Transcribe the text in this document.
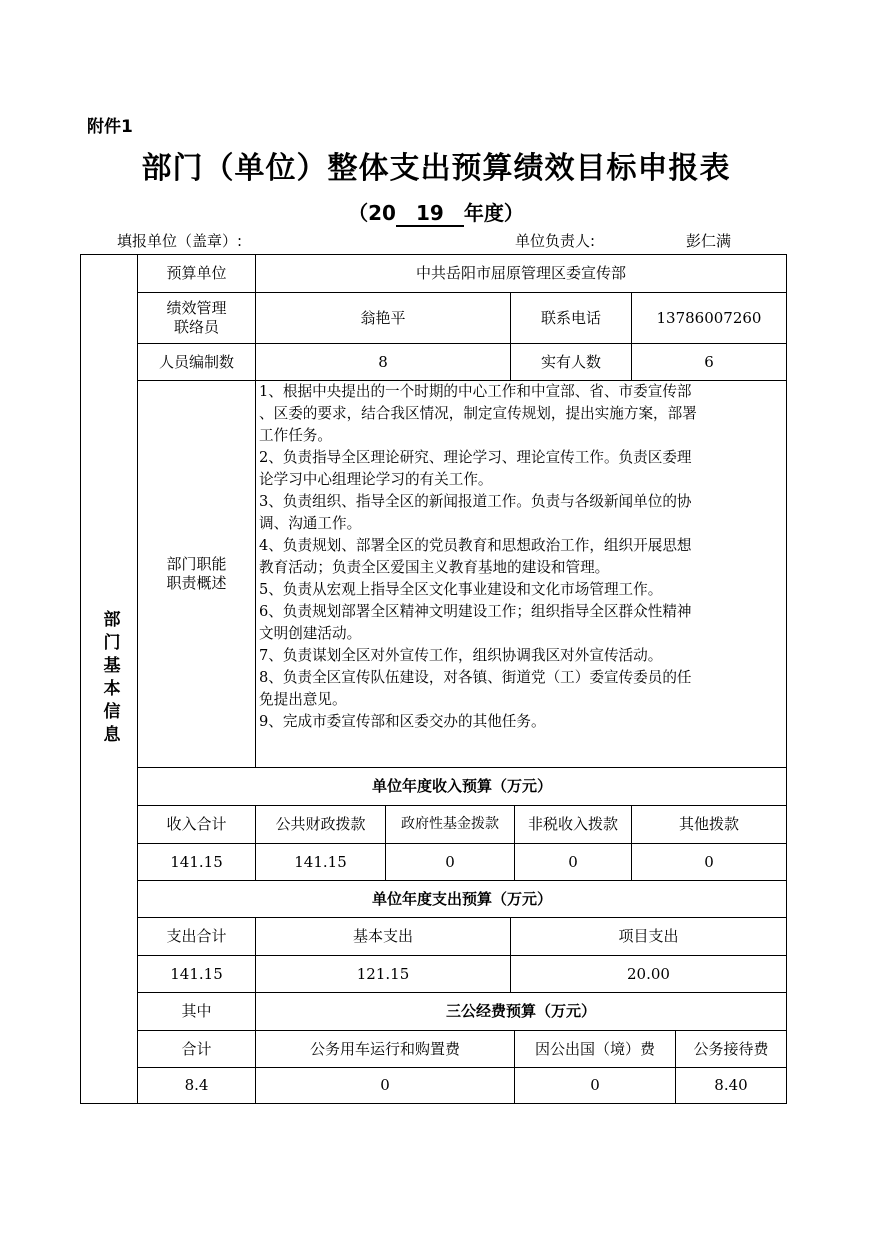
附件1
部门（单位）整体支出预算绩效目标申报表
（20 19 年度）
填报单位（盖章）:	单位负责人:	彭仁满
部门基本信息
预算单位	中共岳阳市屈原管理区委宣传部
绩效管理
联络员
翁艳平	联系电话	13786007260
人员编制数	8	实有人数	6
部门职能
职责概述
1、根据中央提出的一个时期的中心工作和中宣部、省、市委宣传部
、区委的要求，结合我区情况，制定宣传规划，提出实施方案，部署
工作任务。
2、负责指导全区理论研究、理论学习、理论宣传工作。负责区委理
论学习中心组理论学习的有关工作。
3、负责组织、指导全区的新闻报道工作。负责与各级新闻单位的协
调、沟通工作。
4、负责规划、部署全区的党员教育和思想政治工作，组织开展思想
教育活动；负责全区爱国主义教育基地的建设和管理。
5、负责从宏观上指导全区文化事业建设和文化市场管理工作。
6、负责规划部署全区精神文明建设工作；组织指导全区群众性精神
文明创建活动。
7、负责谋划全区对外宣传工作，组织协调我区对外宣传活动。
8、负责全区宣传队伍建设，对各镇、街道党（工）委宣传委员的任
免提出意见。
9、完成市委宣传部和区委交办的其他任务。
单位年度收入预算（万元）
收入合计	公共财政拨款	政府性基金拨款	非税收入拨款	其他拨款
141.15	141.15	0	0	0
单位年度支出预算（万元）
支出合计	基本支出	项目支出
141.15	121.15	20.00
其中	三公经费预算（万元）
合计	公务用车运行和购置费	因公出国（境）费	公务接待费
8.4	0	0	8.40
